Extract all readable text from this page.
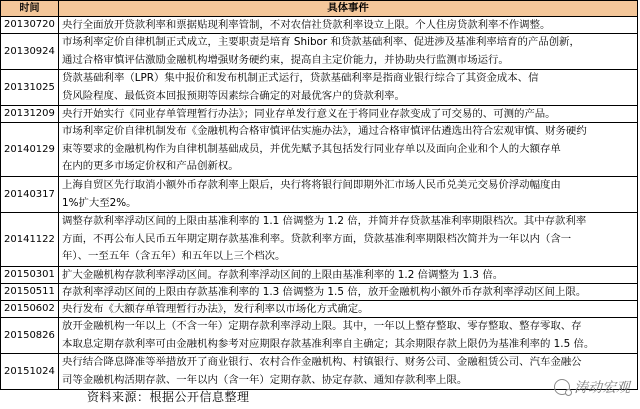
时间	具体事件
20130720 央行全面放开贷款利率和票据贴现利率管制，不对农信社贷款利率设立上限。个人住房贷款利率不作调整。
20130924
市场利率定价自律机制正式成立，主要职责是培育 Shibor 和贷款基础利率、促进涉及基准利率培育的产品创新，
通过合格审慎评估激励金融机构增强财务硬约束，提高自主定价能力，并协助央行监测市场运行。
20131025
贷款基础利率（LPR）集中报价和发布机制正式运行，贷款基础利率是指商业银行综合了其资金成本、信
贷风险程度、最低资本回报预期等因素综合确定的对最优客户的贷款利率。
20131209 央行开始实行《同业存单管理暂行办法》；同业存单发行意义在于将同业存款变成了可交易的、可测的产品。
20140129
市场利率定价自律机制发布《金融机构合格审慎评估实施办法》，通过合格审慎评估遴选出符合宏观审慎、财务硬约
束等要求的金融机构作为自律机制基础成员，并优先赋予其包括发行同业存单以及面向企业和个人的大额存单
在内的更多市场定价权和产品创新权。
20140317
上海自贸区先行取消小额外币存款利率上限后，央行将将银行间即期外汇市场人民币兑美元交易价浮动幅度由
1%扩大至2%。
20141122
调整存款利率浮动区间的上限由基准利率的 1.1 倍调整为 1.2 倍，并简并存贷款基准利率期限档次。其中存款利率
方面，不再公布人民币五年期定期存款基准利率。贷款利率方面，贷款基准利率期限档次简并为一年以内（含一
年）、一至五年（含五年）和五年以上三个档次。
20150301 扩大金融机构存款利率浮动区间。存款利率浮动区间的上限由基准利率的 1.2 倍调整为 1.3 倍。
20150511 存款利率浮动区间的上限由存款基准利率的 1.3 倍调整为 1.5 倍，放开金融机构小额外币存款利率浮动区间上限。
20150602 央行发布《大额存单管理暂行办法》，发行利率以市场化方式确定。
20150826
放开金融机构一年以上（不含一年）定期存款利率浮动上限。其中，一年以上整存整取、零存整取、整存零取、存
本取息定期存款利率可由金融机构参考对应期限存款基准利率自主确定；其余期限存款上限仍为基准利率的 1.5 倍。
20151024
央行结合降息降准等举措放开了商业银行、农村合作金融机构、村镇银行、财务公司、金融租赁公司、汽车金融公
司等金融机构活期存款、一年以内（含一年）定期存款、协定存款、通知存款利率上限。
资料来源：根据公开信息整理
涛动宏观
